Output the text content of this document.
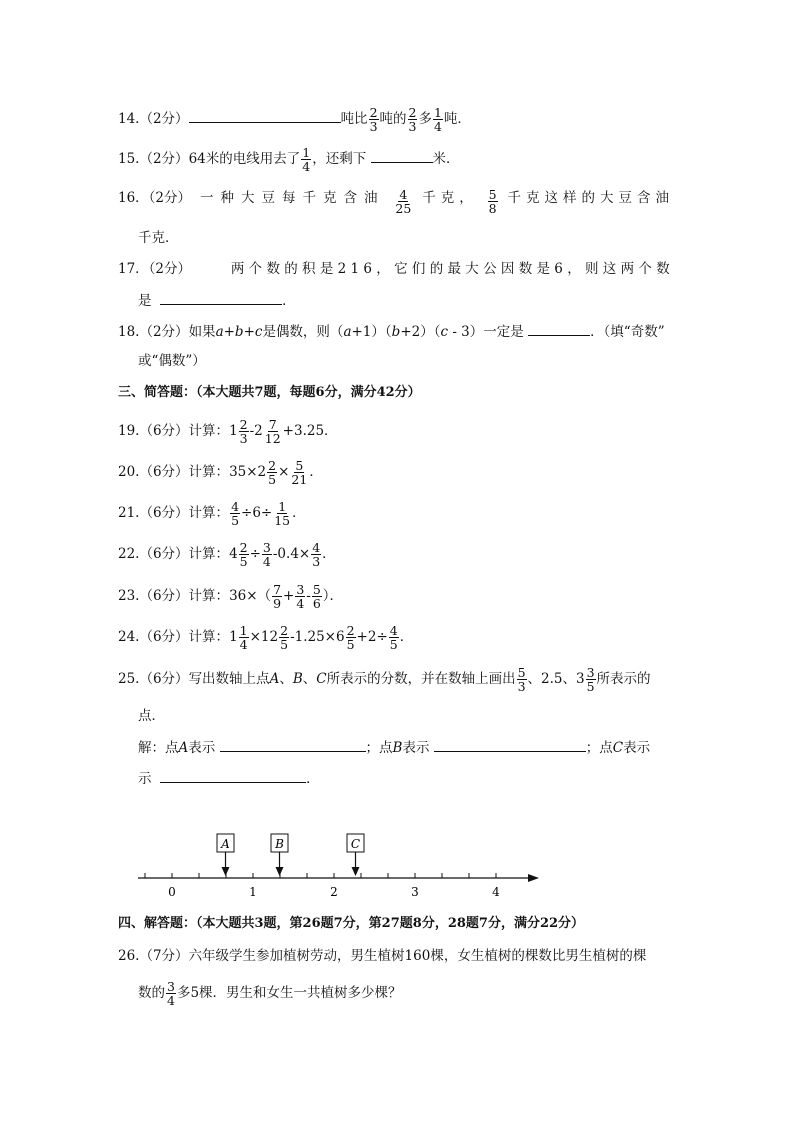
14.（2分）	吨比 $\frac{2}{3}$ 吨的 $\frac{2}{3}$ 多 $\frac{1}{4}$ 吨．
15.（2分）64米的电线用去了 $\frac{1}{4}$ ，还剩下	米．
16．（2分） 一种大豆每千克含油 $\frac{4}{25}$ 千克， $\frac{5}{8}$ 千克这样的大豆含油
千克．
17．（2分）	两个数的积是216，它们的最大公因数是6，则这两个数
是	．
18.（2分）如果a+b+c是偶数，则（a+1）（b+2）（c - 3）一定是	．（填“奇数”
或“偶数”）
三、简答题：（本大题共7题，每题6分，满分42分）
19.（6分）计算：$1 \frac{2}{3} -2 \frac{7}{12} +3.25$．
20.（6分）计算：$35\times 2 \frac{2}{5} \times \frac{5}{21}$ ．
21.（6分）计算： $\frac{4}{5} \div 6\div \frac{1}{15}$ ．
22.（6分）计算：$4 \frac{2}{5} \div \frac{3}{4} -0.4\times \frac{4}{3}$ ．
23.（6分）计算：$36\times( \frac{7}{9} + \frac{3}{4} - \frac{5}{6}$ ）．
24.（6分）计算：$1 \frac{1}{4} \times 12 \frac{2}{5} -1.25\times 6 \frac{2}{5} +2\div \frac{4}{5}$ ．
25.（6分）写出数轴上点A、B、C所表示的分数，并在数轴上画出 $\frac{5}{3}$ 、2.5、$3 \frac{3}{5}$ 所表示的
点．
解：点A表示	；点B表示	；点C表示
示	．
A	B	C
0	1	2	3	4
四、解答题：（本大题共3题，第26题7分，第27题8分，28题7分，满分22分）
26.（7分）六年级学生参加植树劳动，男生植树160棵，女生植树的棵数比男生植树的棵
数的 $\frac{3}{4}$ 多5棵．男生和女生一共植树多少棵？
